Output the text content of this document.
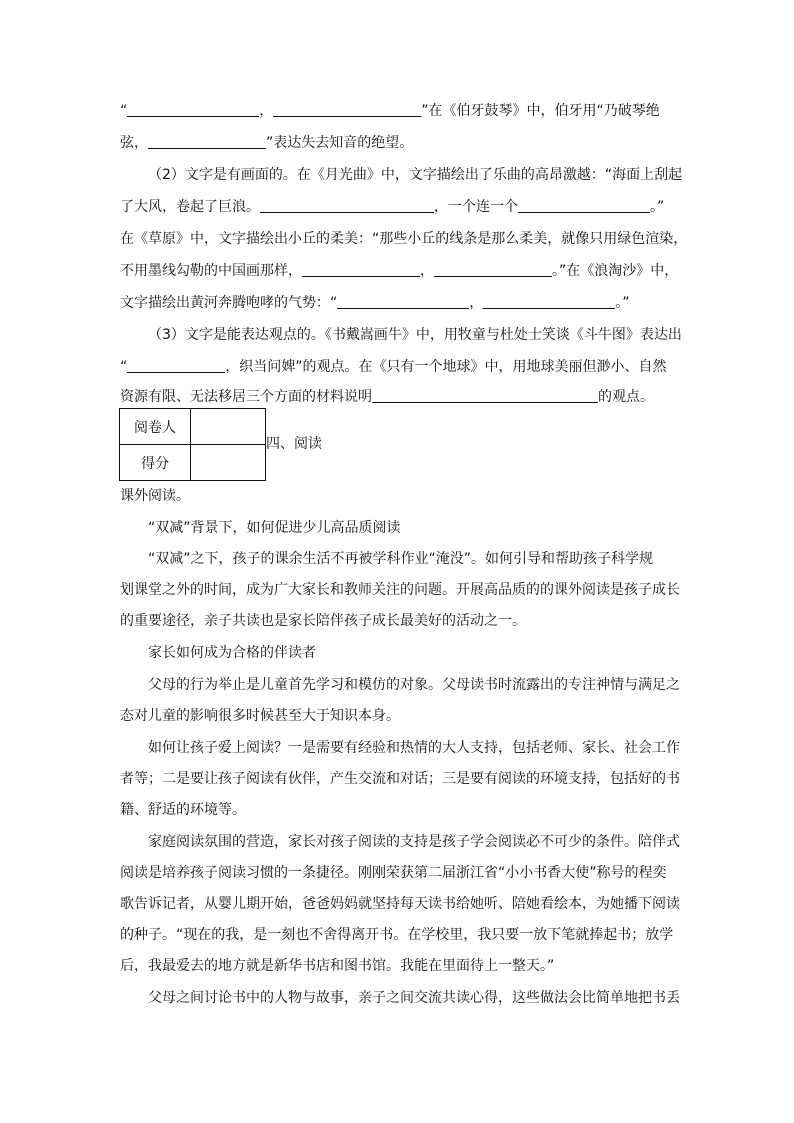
“	，	”在《伯牙鼓琴》中，伯牙用“乃破琴绝
弦，	”表达失去知音的绝望。
（2）文字是有画面的。在《月光曲》中，文字描绘出了乐曲的高昂激越：“海面上刮起
了大风，卷起了巨浪。	，一个连一个	。”
在《草原》中，文字描绘出小丘的柔美：“那些小丘的线条是那么柔美，就像只用绿色渲染，
不用墨线勾勒的中国画那样，	，	。”在《浪淘沙》中，
文字描绘出黄河奔腾咆哮的气势：“	，	。”
（3）文字是能表达观点的。《书戴嵩画牛》中，用牧童与杜处士笑谈《斗牛图》表达出
“	，织当问婢”的观点。在《只有一个地球》中，用地球美丽但渺小、自然
资源有限、无法移居三个方面的材料说明	的观点。
阅卷人	
得分	
四、阅读
课外阅读。
“双减”背景下，如何促进少儿高品质阅读
“双减”之下，孩子的课余生活不再被学科作业“淹没”。如何引导和帮助孩子科学规
划课堂之外的时间，成为广大家长和教师关注的问题。开展高品质的的课外阅读是孩子成长
的重要途径，亲子共读也是家长陪伴孩子成长最美好的活动之一。
家长如何成为合格的伴读者
父母的行为举止是儿童首先学习和模仿的对象。父母读书时流露出的专注神情与满足之
态对儿童的影响很多时候甚至大于知识本身。
如何让孩子爱上阅读？一是需要有经验和热情的大人支持，包括老师、家长、社会工作
者等；二是要让孩子阅读有伙伴，产生交流和对话；三是要有阅读的环境支持，包括好的书
籍、舒适的环境等。
家庭阅读氛围的营造，家长对孩子阅读的支持是孩子学会阅读必不可少的条件。陪伴式
阅读是培养孩子阅读习惯的一条捷径。刚刚荣获第二届浙江省“小小书香大使”称号的程奕
歌告诉记者，从婴儿期开始，爸爸妈妈就坚持每天读书给她听、陪她看绘本，为她播下阅读
的种子。“现在的我，是一刻也不舍得离开书。在学校里，我只要一放下笔就捧起书；放学
后，我最爱去的地方就是新华书店和图书馆。我能在里面待上一整天。”
父母之间讨论书中的人物与故事，亲子之间交流共读心得，这些做法会比简单地把书丢
